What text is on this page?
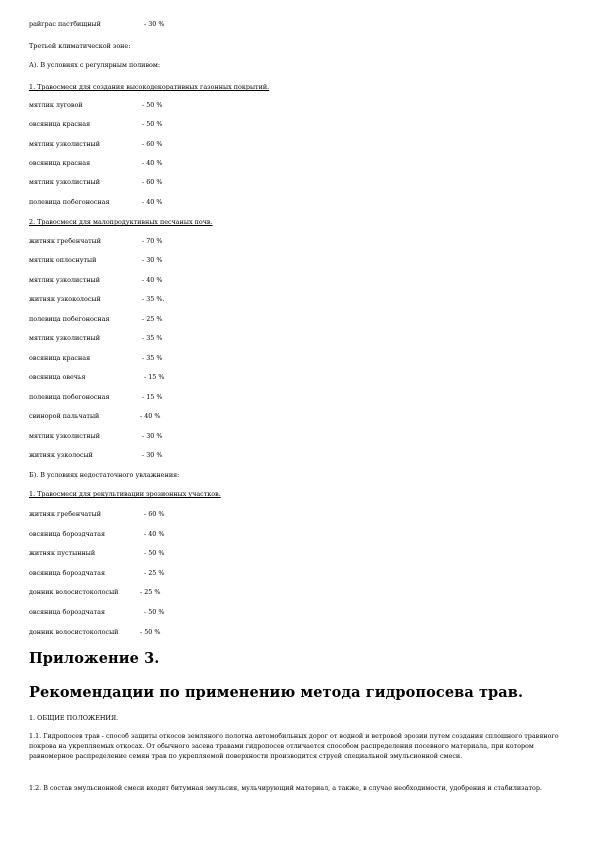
райграс пастбищный	- 30 %
Третьей климатической зоне:
А). В условиях с регулярным поливом:
1. Травосмеси для создания высокодекоративных газонных покрытий.
мятлик луговой	- 50 %
овсяница красная	- 50 %
мятлик узколистный	- 60 %
овсяница красная	- 40 %
мятлик узколистный	- 60 %
полевица побегоносная	- 40 %
2. Травосмеси для малопродуктивных песчаных почв.
житняк гребенчатый	- 70 %
мятлик оплоснутый	- 30 %
мятлик узколистный	- 40 %
житняк узкоколосый	- 35 %.
полевица побегоносная	- 25 %
мятлик узколистный	- 35 %
овсяница красная	- 35 %
овсяница овечья	- 15 %
полевица побегоносная	- 15 %
свинорой пальчатый	- 40 %
мятлик узколистный	- 30 %
житняк узколосый	- 30 %
Б). В условиях недостаточного увлажнения:
1. Травосмеси для рекультивации эрозионных участков.
житняк гребенчатый	- 60 %
овсяница бороздчатая	- 40 %
житняк пустынный	- 50 %
овсяница бороздчатая	- 25 %
донник волосистоколосый	- 25 %
овсяница бороздчатая	- 50 %
донник волосистоколосый	- 50 %
Приложение 3.
Рекомендации по применению метода гидропосева трав.
1. ОБЩИЕ ПОЛОЖЕНИЯ.
1.1. Гидропосев трав - способ защиты откосов земляного полотна автомобильных дорог от водной и ветровой эрозии путем создания сплошного травяного покрова на укрепляемых откосах. От обычного засева травами гидропосев отличается способом распределения посевного материала, при котором равномерное распределение семян трав по укрепляемой поверхности производится струей специальной эмульсионной смеси.
1.2. В состав эмульсионной смеси входят битумная эмульсия, мульчирующий материал, а также, в случае необходимости, удобрения и стабилизатор.
